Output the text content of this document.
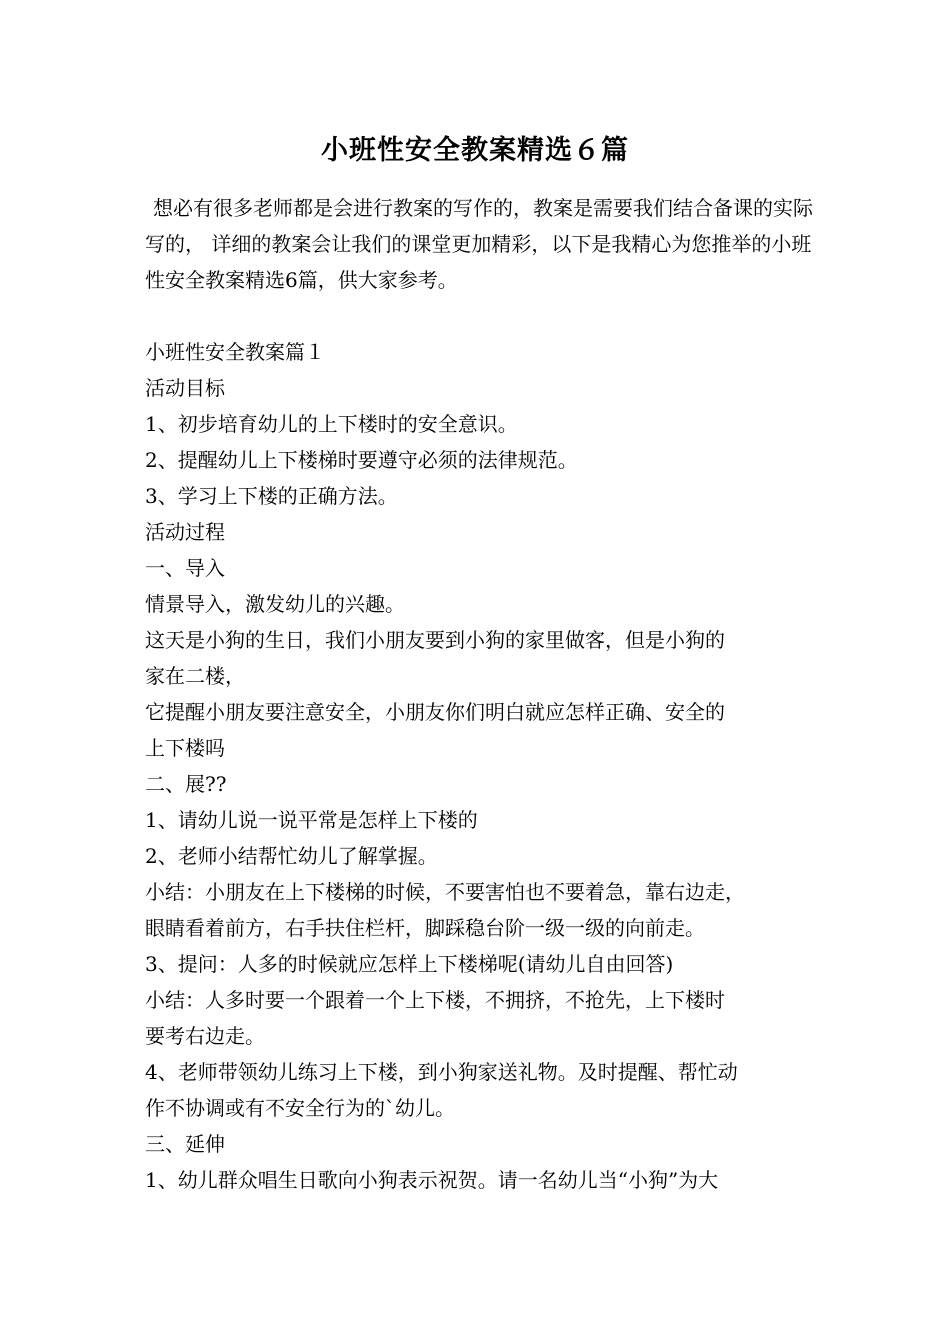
小班性安全教案精选６篇

想必有很多老师都是会进行教案的写作的，教案是需要我们结合备课的实际写的， 详细的教案会让我们的课堂更加精彩，以下是我精心为您推举的小班性安全教案精选6篇，供大家参考。

小班性安全教案篇１
活动目标
1、初步培育幼儿的上下楼时的安全意识。
2、提醒幼儿上下楼梯时要遵守必须的法律规范。
3、学习上下楼的正确方法。
活动过程
一、导入
情景导入，激发幼儿的兴趣。
这天是小狗的生日，我们小朋友要到小狗的家里做客，但是小狗的
家在二楼，
它提醒小朋友要注意安全，小朋友你们明白就应怎样正确、安全的
上下楼吗
二、展??
1、请幼儿说一说平常是怎样上下楼的
2、老师小结帮忙幼儿了解掌握。
小结：小朋友在上下楼梯的时候，不要害怕也不要着急，靠右边走，
眼睛看着前方，右手扶住栏杆，脚踩稳台阶一级一级的向前走。
3、提问：人多的时候就应怎样上下楼梯呢(请幼儿自由回答)
小结：人多时要一个跟着一个上下楼，不拥挤，不抢先，上下楼时
要考右边走。
4、老师带领幼儿练习上下楼，到小狗家送礼物。及时提醒、帮忙动
作不协调或有不安全行为的`幼儿。
三、延伸
1、幼儿群众唱生日歌向小狗表示祝贺。请一名幼儿当“小狗”为大
